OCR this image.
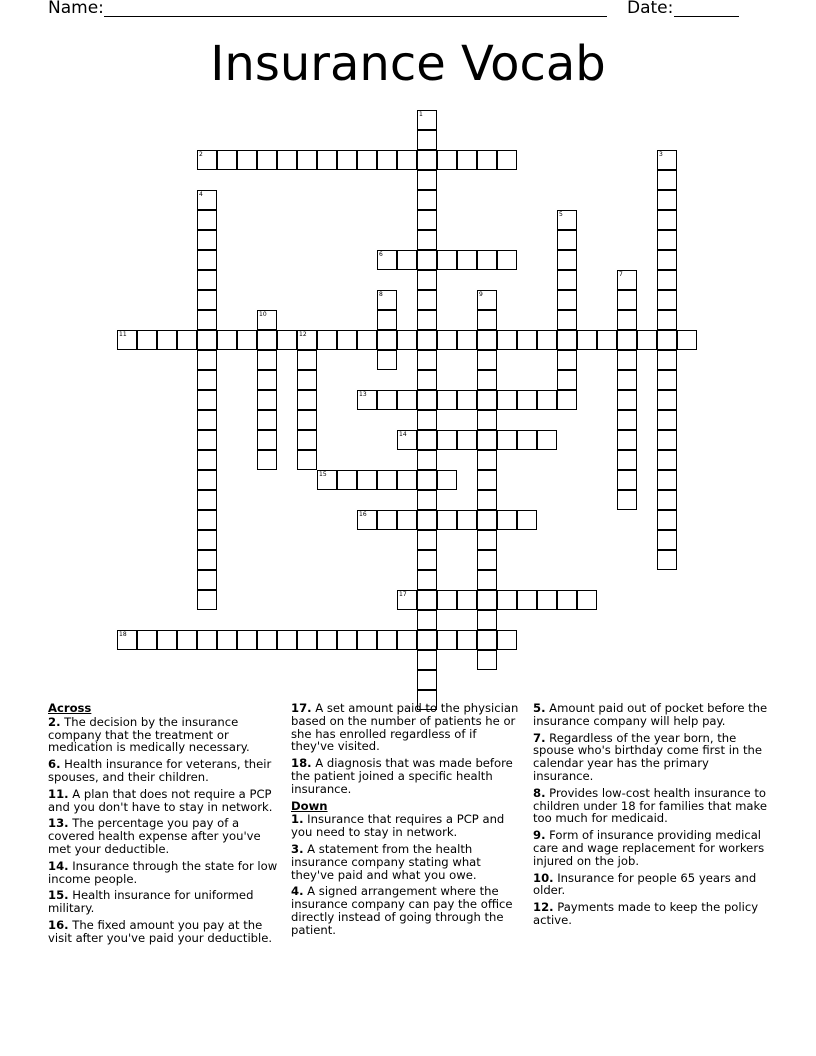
Name:	Date:
Insurance Vocab
2
6
11	12
13
14
15
16
17
18
1
3
4
5
7
8	9
10
Across
2. The decision by the insurance company that the treatment or medication is medically necessary.
6. Health insurance for veterans, their spouses, and their children.
11. A plan that does not require a PCP and you don't have to stay in network.
13. The percentage you pay of a covered health expense after you've met your deductible.
14. Insurance through the state for low income people.
15. Health insurance for uniformed military.
16. The fixed amount you pay at the visit after you've paid your deductible.
17. A set amount paid to the physician based on the number of patients he or she has enrolled regardless of if they've visited.
18. A diagnosis that was made before the patient joined a specific health insurance.
Down
1. Insurance that requires a PCP and you need to stay in network.
3. A statement from the health insurance company stating what they've paid and what you owe.
4. A signed arrangement where the insurance company can pay the office directly instead of going through the patient.
5. Amount paid out of pocket before the insurance company will help pay.
7. Regardless of the year born, the spouse who's birthday come first in the calendar year has the primary insurance.
8. Provides low-cost health insurance to children under 18 for families that make too much for medicaid.
9. Form of insurance providing medical care and wage replacement for workers injured on the job.
10. Insurance for people 65 years and older.
12. Payments made to keep the policy active.
